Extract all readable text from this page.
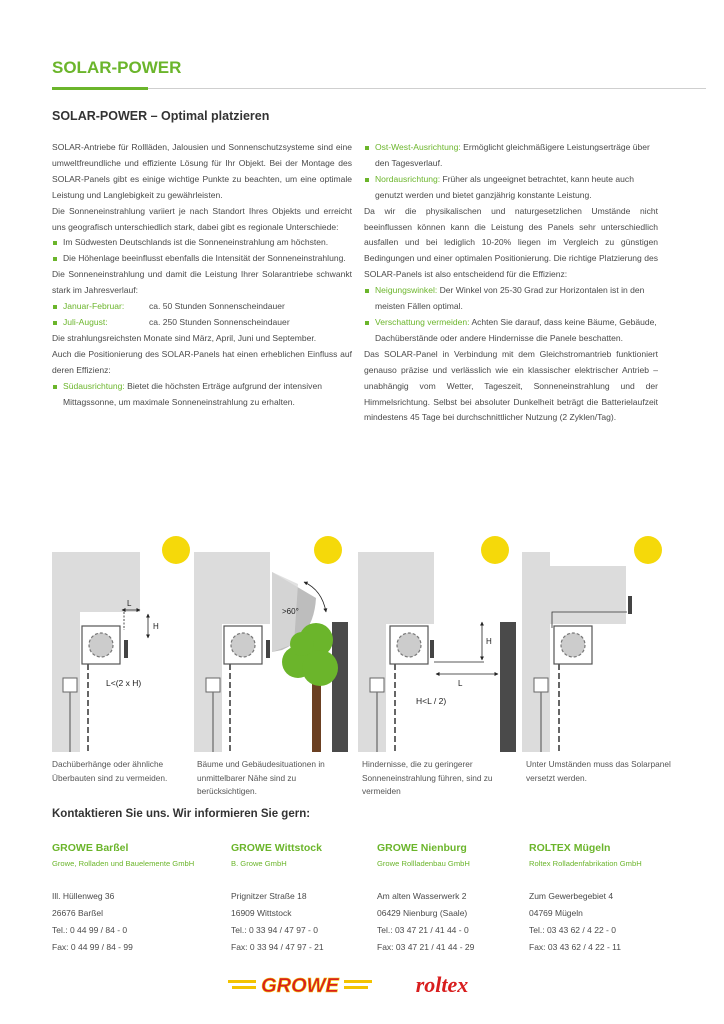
SOLAR-POWER
SOLAR-POWER – Optimal platzieren

SOLAR-Antriebe für Rollläden, Jalousien und Sonnenschutzsysteme sind eine umweltfreundliche und effiziente Lösung für Ihr Objekt. Bei der Montage des SOLAR-Panels gibt es einige wichtige Punkte zu beachten, um eine optimale Leistung und Langlebigkeit zu gewährleisten.

Die Sonneneinstrahlung variiert je nach Standort Ihres Objekts und erreicht uns geografisch unterschiedlich stark, dabei gibt es regionale Unterschiede:

Im Südwesten Deutschlands ist die Sonneneinstrahlung am höchsten.

Die Höhenlage beeinflusst ebenfalls die Intensität der Sonneneinstrahlung.

Die Sonneneinstrahlung und damit die Leistung Ihrer Solarantriebe schwankt stark im Jahresverlauf:

Januar-Februar:	ca. 50 Stunden Sonnenscheindauer

Juli-August:	ca. 250 Stunden Sonnenscheindauer

Die strahlungsreichsten Monate sind März, April, Juni und September.

Auch die Positionierung des SOLAR-Panels hat einen erheblichen Einfluss auf deren Effizienz:

Südausrichtung: Bietet die höchsten Erträge aufgrund der intensiven Mittagssonne, um maximale Sonneneinstrahlung zu erhalten.

Ost-West-Ausrichtung: Ermöglicht gleichmäßigere Leistungserträge über den Tagesverlauf.

Nordausrichtung: Früher als ungeeignet betrachtet, kann heute auch genutzt werden und bietet ganzjährig konstante Leistung.

Da wir die physikalischen und naturgesetzlichen Umstände nicht beeinflussen können kann die Leistung des Panels sehr unterschiedlich ausfallen und bei lediglich 10-20% liegen im Vergleich zu günstigen Bedingungen und einer optimalen Positionierung. Die richtige Platzierung des SOLAR-Panels ist also entscheidend für die Effizienz:

Neigungswinkel: Der Winkel von 25-30 Grad zur Horizontalen ist in den meisten Fällen optimal.

Verschattung vermeiden: Achten Sie darauf, dass keine Bäume, Gebäude, Dachüberstände oder andere Hindernisse die Panele beschatten.

Das SOLAR-Panel in Verbindung mit dem Gleichstromantrieb funktioniert genauso präzise und verlässlich wie ein klassischer elektrischer Antrieb – unabhängig vom Wetter, Tageszeit, Sonneneinstrahlung und der Himmelsrichtung. Selbst bei absoluter Dunkelheit beträgt die Batterielaufzeit mindestens 45 Tage bei durchschnittlicher Nutzung (2 Zyklen/Tag).

L
H
L<(2 x H)
>60°
H
L
H<L / 2)
Dachüberhänge oder ähnliche Überbauten sind zu vermeiden.
Bäume und Gebäudesituationen in unmittelbarer Nähe sind zu berücksichtigen.
Hindernisse, die zu geringerer Sonneneinstrahlung führen, sind zu vermeiden
Unter Umständen muss das Solarpanel versetzt werden.
Kontaktieren Sie uns. Wir informieren Sie gern:
GROWE Barßel
Growe, Rolladen und Bauelemente GmbH
Ill. Hüllenweg 36
26676 Barßel
Tel.: 0 44 99 / 84 - 0
Fax: 0 44 99 / 84 - 99
GROWE Wittstock
B. Growe GmbH
Prignitzer Straße 18
16909 Wittstock
Tel.: 0 33 94 / 47 97 - 0
Fax: 0 33 94 / 47 97 - 21
GROWE Nienburg
Growe Rollladenbau GmbH
Am alten Wasserwerk 2
06429 Nienburg (Saale)
Tel.: 03 47 21 / 41 44 - 0
Fax: 03 47 21 / 41 44 - 29
ROLTEX Mügeln
Roltex Rolladenfabrikation GmbH
Zum Gewerbegebiet 4
04769 Mügeln
Tel.: 03 43 62 / 4 22 - 0
Fax: 03 43 62 / 4 22 - 11
GROWE	roltex
